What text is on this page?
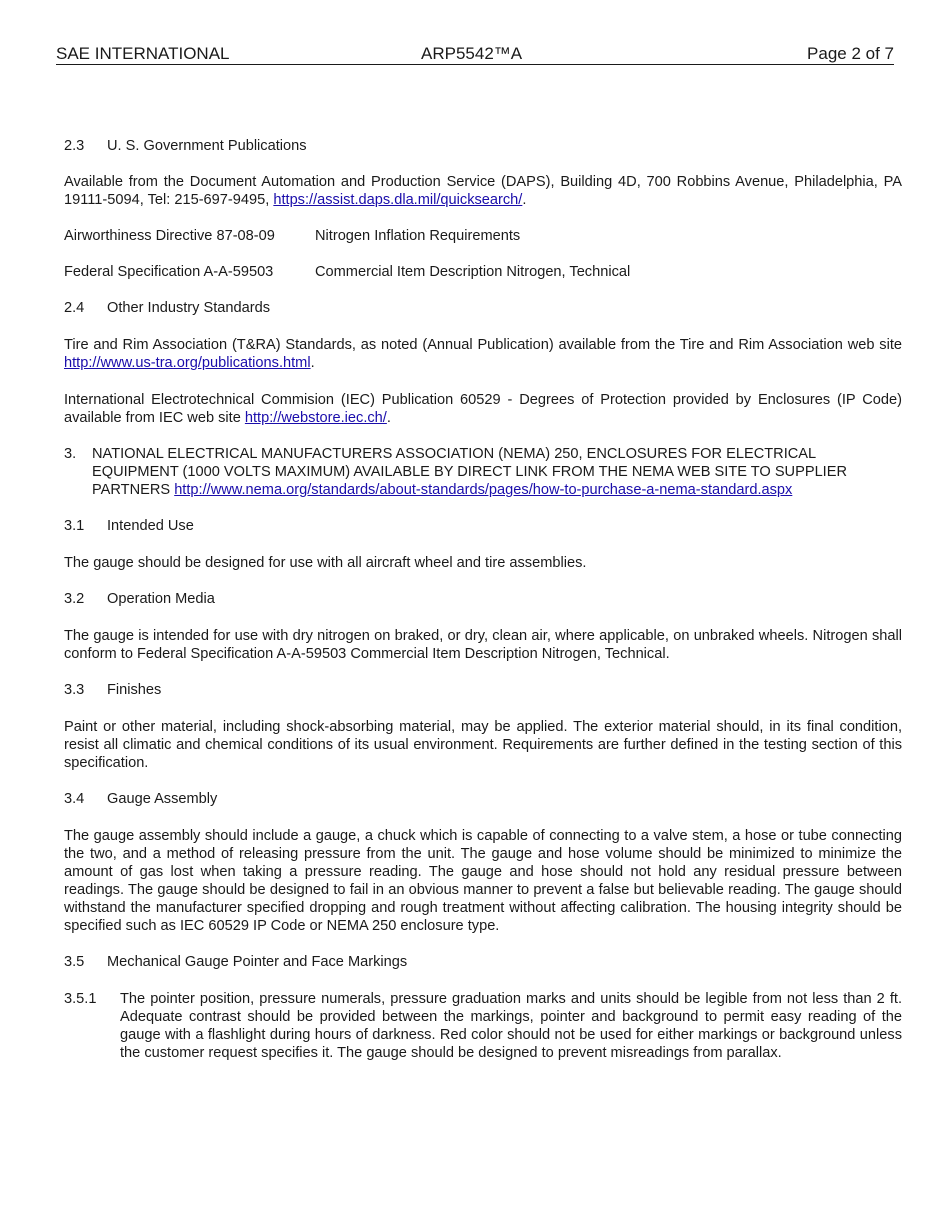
SAE INTERNATIONAL	ARP5542™A	Page 2 of 7
2.3	U. S. Government Publications

Available from the Document Automation and Production Service (DAPS), Building 4D, 700 Robbins Avenue, Philadelphia, PA 19111-5094, Tel: 215-697-9495, https://assist.daps.dla.mil/quicksearch/.

Airworthiness Directive 87-08-09	Nitrogen Inflation Requirements
Federal Specification A-A-59503	Commercial Item Description Nitrogen, Technical
2.4	Other Industry Standards

Tire and Rim Association (T&RA) Standards, as noted (Annual Publication) available from the Tire and Rim Association web site http://www.us-tra.org/publications.html.

International Electrotechnical Commision (IEC) Publication 60529 - Degrees of Protection provided by Enclosures (IP Code) available from IEC web site http://webstore.iec.ch/.

3.	NATIONAL ELECTRICAL MANUFACTURERS ASSOCIATION (NEMA) 250, ENCLOSURES FOR ELECTRICAL EQUIPMENT (1000 VOLTS MAXIMUM) AVAILABLE BY DIRECT LINK FROM THE NEMA WEB SITE TO SUPPLIER PARTNERS http://www.nema.org/standards/about-standards/pages/how-to-purchase-a-nema-standard.aspx
3.1	Intended Use

The gauge should be designed for use with all aircraft wheel and tire assemblies.

3.2	Operation Media

The gauge is intended for use with dry nitrogen on braked, or dry, clean air, where applicable, on unbraked wheels. Nitrogen shall conform to Federal Specification A-A-59503 Commercial Item Description Nitrogen, Technical.

3.3	Finishes

Paint or other material, including shock-absorbing material, may be applied. The exterior material should, in its final condition, resist all climatic and chemical conditions of its usual environment. Requirements are further defined in the testing section of this specification.

3.4	Gauge Assembly

The gauge assembly should include a gauge, a chuck which is capable of connecting to a valve stem, a hose or tube connecting the two, and a method of releasing pressure from the unit. The gauge and hose volume should be minimized to minimize the amount of gas lost when taking a pressure reading. The gauge and hose should not hold any residual pressure between readings. The gauge should be designed to fail in an obvious manner to prevent a false but believable reading. The gauge should withstand the manufacturer specified dropping and rough treatment without affecting calibration. The housing integrity should be specified such as IEC 60529 IP Code or NEMA 250 enclosure type.

3.5	Mechanical Gauge Pointer and Face Markings
3.5.1	The pointer position, pressure numerals, pressure graduation marks and units should be legible from not less than 2 ft. Adequate contrast should be provided between the markings, pointer and background to permit easy reading of the gauge with a flashlight during hours of darkness. Red color should not be used for either markings or background unless the customer request specifies it. The gauge should be designed to prevent misreadings from parallax.
